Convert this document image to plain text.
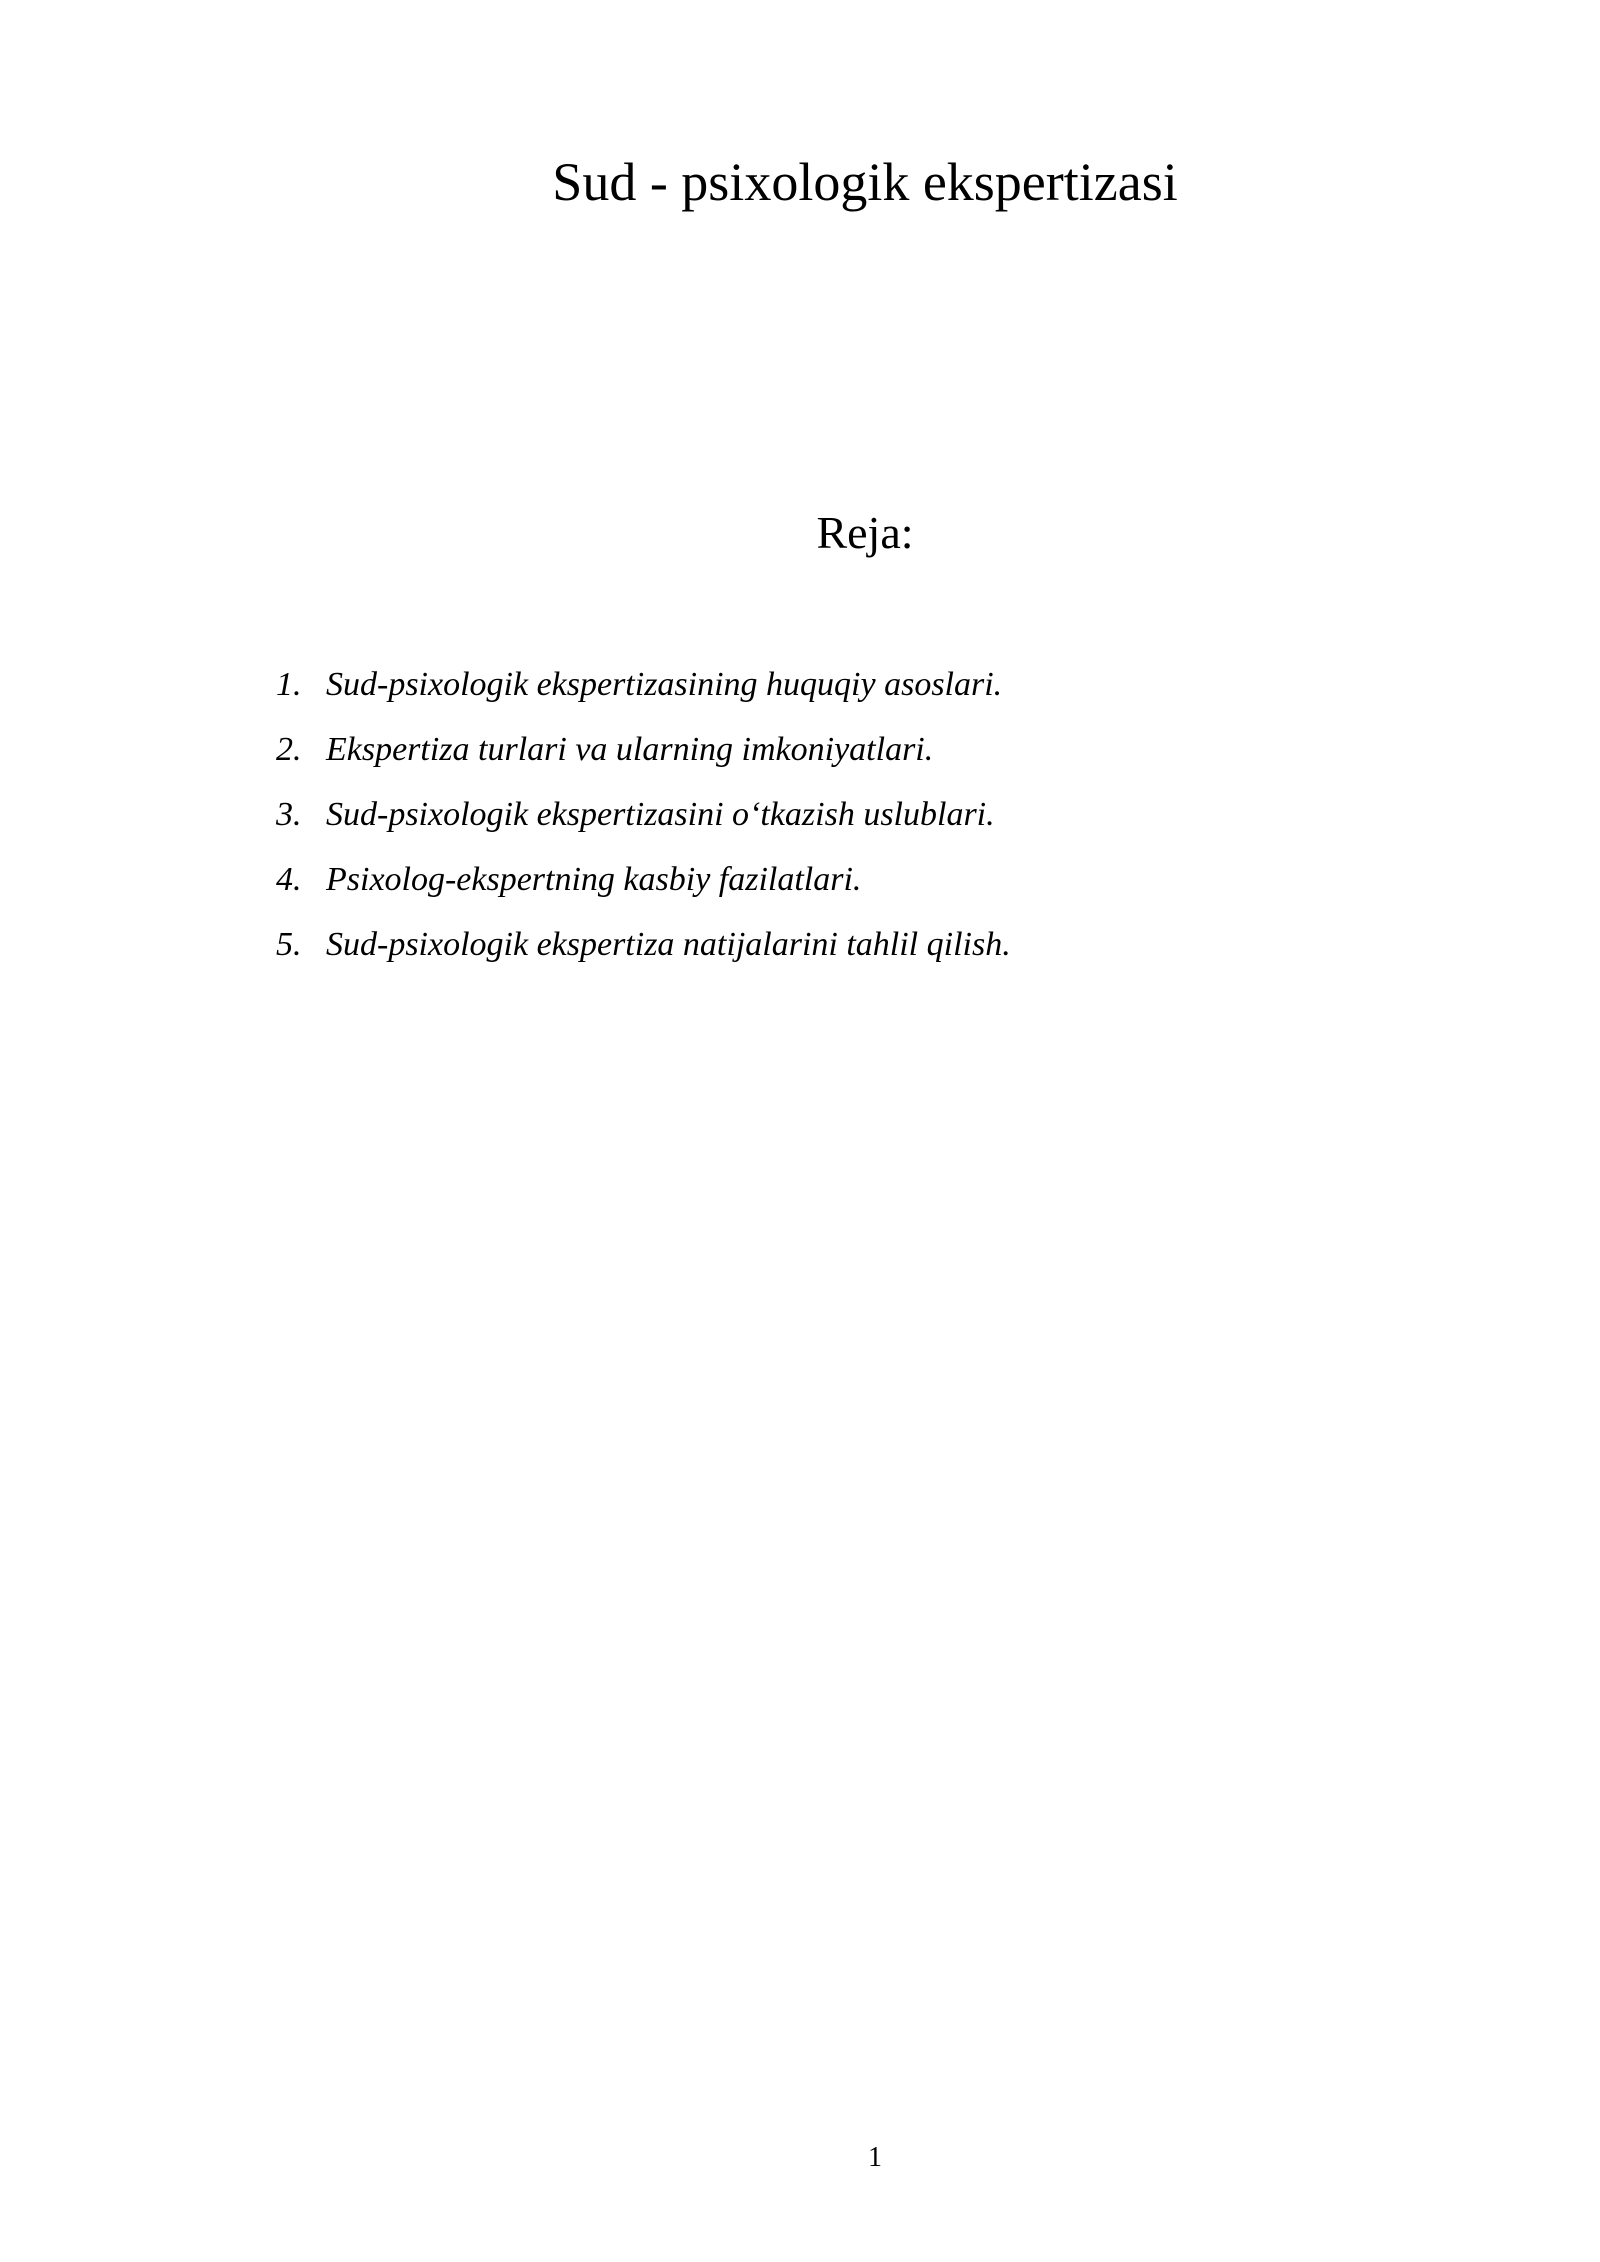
Sud - psixologik ekspertizasi
Reja:
1. Sud-psixologik ekspertizasining huquqiy asoslari.
2. Ekspertiza turlari va ularning imkoniyatlari.
3. Sud-psixologik ekspertizasini o‘tkazish uslublari.
4. Psixolog-ekspertning kasbiy fazilatlari.
5. Sud-psixologik ekspertiza natijalarini tahlil qilish.
1
